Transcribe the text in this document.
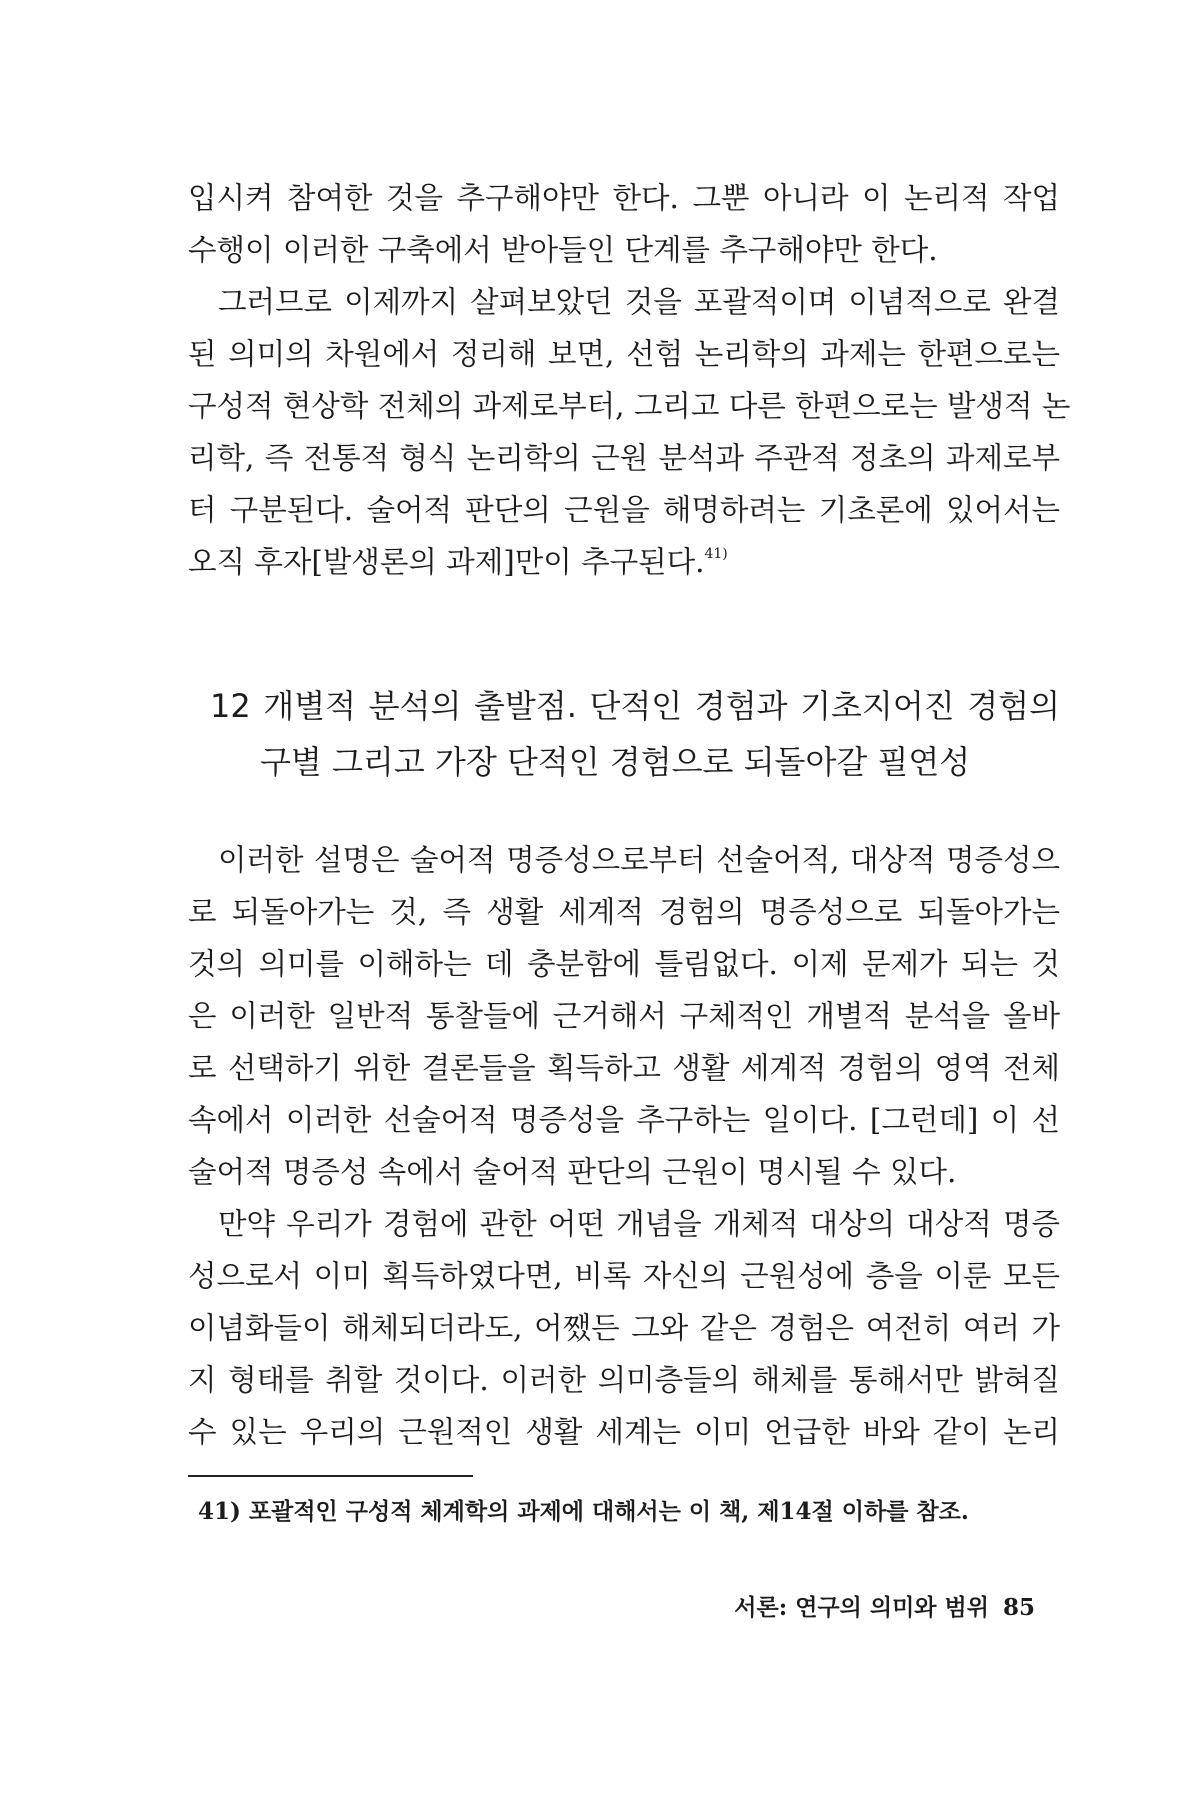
입시켜 참여한 것을 추구해야만 한다. 그뿐 아니라 이 논리적 작업
수행이 이러한 구축에서 받아들인 단계를 추구해야만 한다.
그러므로 이제까지 살펴보았던 것을 포괄적이며 이념적으로 완결
된 의미의 차원에서 정리해 보면, 선험 논리학의 과제는 한편으로는
구성적 현상학 전체의 과제로부터, 그리고 다른 한편으로는 발생적 논
리학, 즉 전통적 형식 논리학의 근원 분석과 주관적 정초의 과제로부
터 구분된다. 술어적 판단의 근원을 해명하려는 기초론에 있어서는
오직 후자[발생론의 과제]만이 추구된다.$^{41)}$
12 개별적 분석의 출발점. 단적인 경험과 기초지어진 경험의
구별 그리고 가장 단적인 경험으로 되돌아갈 필연성
이러한 설명은 술어적 명증성으로부터 선술어적, 대상적 명증성으
로 되돌아가는 것, 즉 생활 세계적 경험의 명증성으로 되돌아가는
것의 의미를 이해하는 데 충분함에 틀림없다. 이제 문제가 되는 것
은 이러한 일반적 통찰들에 근거해서 구체적인 개별적 분석을 올바
로 선택하기 위한 결론들을 획득하고 생활 세계적 경험의 영역 전체
속에서 이러한 선술어적 명증성을 추구하는 일이다. [그런데] 이 선
술어적 명증성 속에서 술어적 판단의 근원이 명시될 수 있다.
만약 우리가 경험에 관한 어떤 개념을 개체적 대상의 대상적 명증
성으로서 이미 획득하였다면, 비록 자신의 근원성에 층을 이룬 모든
이념화들이 해체되더라도, 어쨌든 그와 같은 경험은 여전히 여러 가
지 형태를 취할 것이다. 이러한 의미층들의 해체를 통해서만 밝혀질
수 있는 우리의 근원적인 생활 세계는 이미 언급한 바와 같이 논리
41) 포괄적인 구성적 체계학의 과제에 대해서는 이 책, 제14절 이하를 참조.
서론: 연구의 의미와 범위 85
